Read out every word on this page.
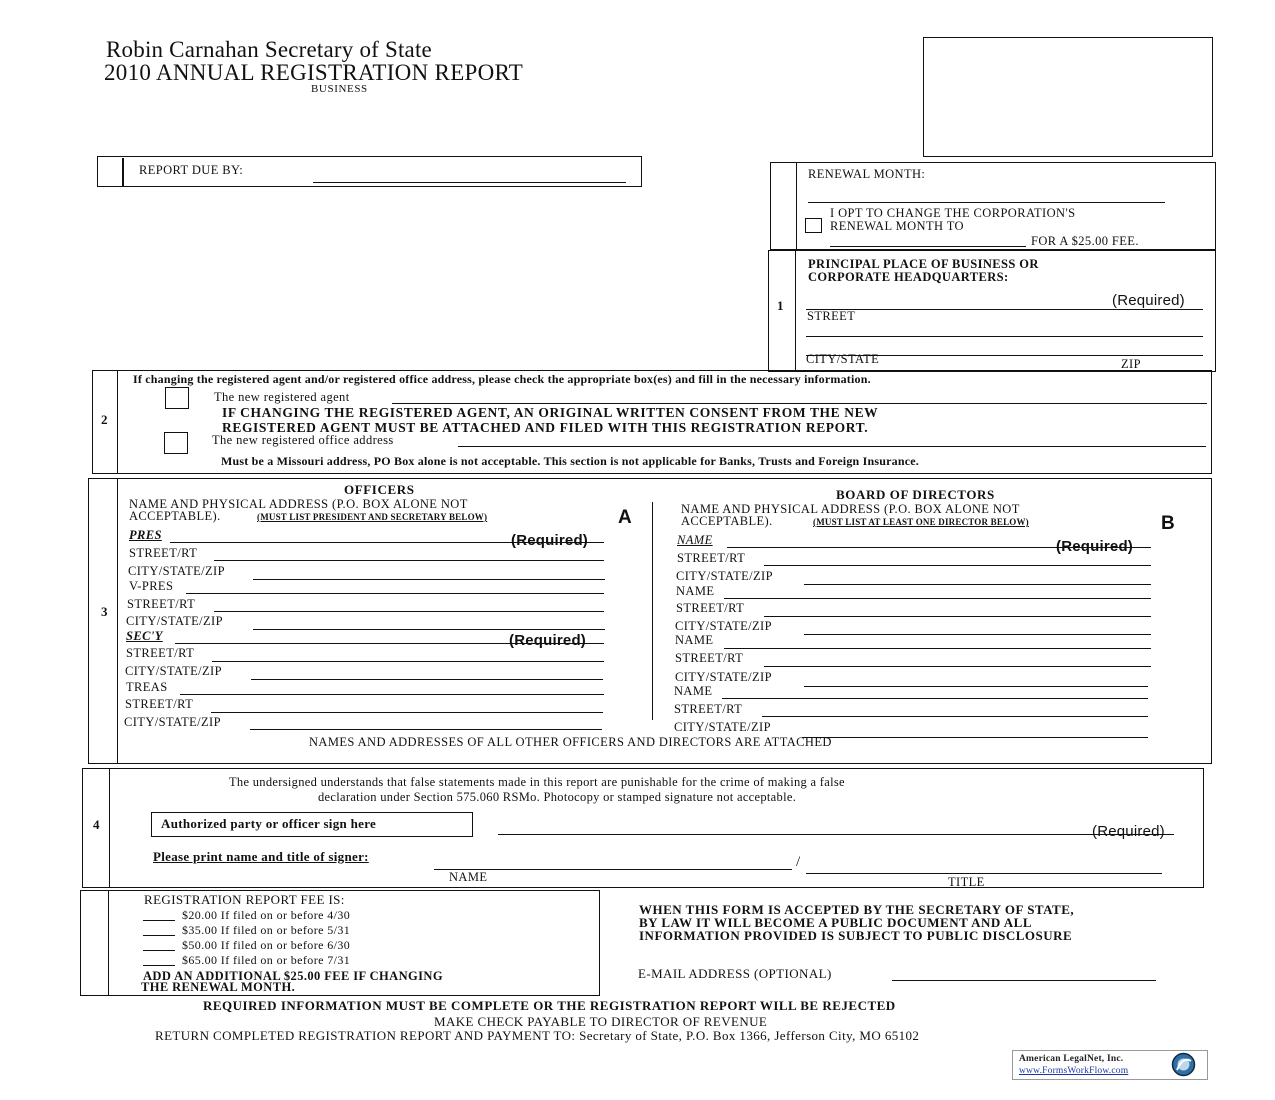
Robin Carnahan Secretary of State
2010 ANNUAL REGISTRATION REPORT
BUSINESS
REPORT DUE BY:	RENEWAL MONTH:
I OPT TO CHANGE THE CORPORATION'S
RENEWAL MONTH TO
FOR A $25.00 FEE.
1
PRINCIPAL PLACE OF BUSINESS OR
CORPORATE HEADQUARTERS:
(Required)
STREET
CITY/STATE	ZIP
2
If changing the registered agent and/or registered office address, please check the appropriate box(es) and fill in the necessary information.
The new registered agent
IF CHANGING THE REGISTERED AGENT, AN ORIGINAL WRITTEN CONSENT FROM THE NEW
REGISTERED AGENT MUST BE ATTACHED AND FILED WITH THIS REGISTRATION REPORT.
The new registered office address
Must be a Missouri address, PO Box alone is not acceptable. This section is not applicable for Banks, Trusts and Foreign Insurance.
3
OFFICERS
NAME AND PHYSICAL ADDRESS (P.O. BOX ALONE NOT
ACCEPTABLE).	(MUST LIST PRESIDENT AND SECRETARY BELOW)	A
PRES	(Required)
STREET/RT
CITY/STATE/ZIP
V-PRES
STREET/RT
CITY/STATE/ZIP
SEC'Y	(Required)
STREET/RT
CITY/STATE/ZIP
TREAS
STREET/RT
CITY/STATE/ZIP
BOARD OF DIRECTORS
NAME AND PHYSICAL ADDRESS (P.O. BOX ALONE NOT
ACCEPTABLE).	(MUST LIST AT LEAST ONE DIRECTOR BELOW)	B
NAME	(Required)
STREET/RT
CITY/STATE/ZIP
NAME
STREET/RT
CITY/STATE/ZIP
NAME
STREET/RT
CITY/STATE/ZIP
NAME
STREET/RT
CITY/STATE/ZIP
NAMES AND ADDRESSES OF ALL OTHER OFFICERS AND DIRECTORS ARE ATTACHED
4
The undersigned understands that false statements made in this report are punishable for the crime of making a false
declaration under Section 575.060 RSMo. Photocopy or stamped signature not acceptable.
Authorized party or officer sign here	(Required)
Please print name and title of signer:	/
NAME	TITLE
REGISTRATION REPORT FEE IS:
$20.00 If filed on or before 4/30
$35.00 If filed on or before 5/31
$50.00 If filed on or before 6/30
$65.00 If filed on or before 7/31
ADD AN ADDITIONAL $25.00 FEE IF CHANGING
THE RENEWAL MONTH.
WHEN THIS FORM IS ACCEPTED BY THE SECRETARY OF STATE,
BY LAW IT WILL BECOME A PUBLIC DOCUMENT AND ALL
INFORMATION PROVIDED IS SUBJECT TO PUBLIC DISCLOSURE
E-MAIL ADDRESS (OPTIONAL)
REQUIRED INFORMATION MUST BE COMPLETE OR THE REGISTRATION REPORT WILL BE REJECTED
MAKE CHECK PAYABLE TO DIRECTOR OF REVENUE
RETURN COMPLETED REGISTRATION REPORT AND PAYMENT TO: Secretary of State, P.O. Box 1366, Jefferson City, MO 65102
American LegalNet, Inc.
www.FormsWorkFlow.com
